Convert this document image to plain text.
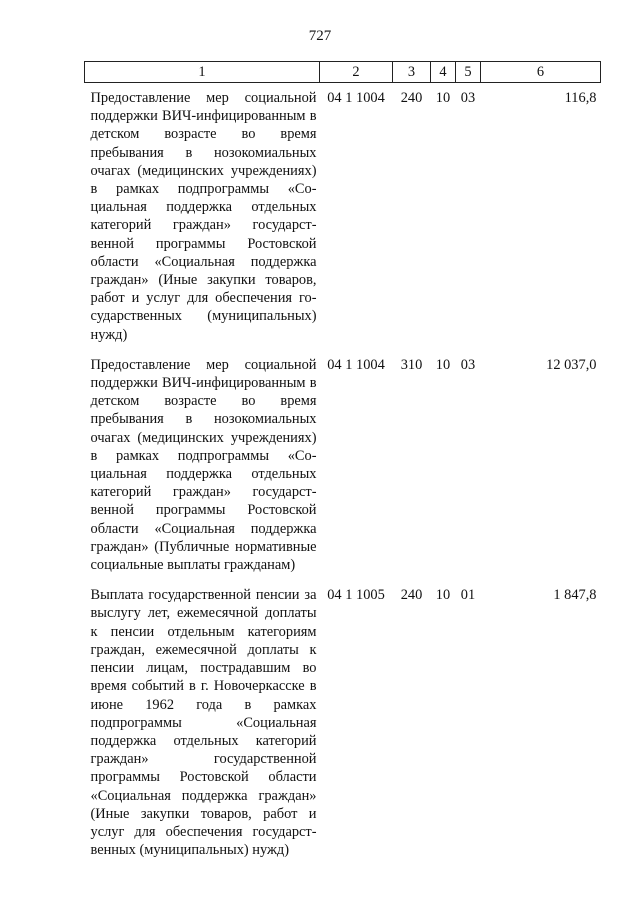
727
1	2	3	4	5	6
Предоставление мер социальной поддержки ВИЧ-инфицированным в детском возрасте во время пребывания в нозокомиальных очагах (медицинских учреждениях) в рамках подпрограммы «Социальная поддержка отдельных категорий граждан» государственной программы Ростовской области «Социальная поддержка граждан» (Иные закупки товаров, работ и услуг для обеспечения государственных (муниципальных) нужд)	04 1 1004	240	10	03	116,8
Предоставление мер социальной поддержки ВИЧ-инфицированным в детском возрасте во время пребывания в нозокомиальных очагах (медицинских учреждениях) в рамках подпрограммы «Социальная поддержка отдельных категорий граждан» государственной программы Ростовской области «Социальная поддержка граждан» (Публичные нормативные социальные выплаты гражданам)	04 1 1004	310	10	03	12 037,0
Выплата государственной пенсии за выслугу лет, ежемесячной доплаты к пенсии отдельным категориям граждан, ежемесячной доплаты к пенсии лицам, пострадавшим во время событий в г. Новочеркасске в июне 1962 года в рамках подпрограммы «Социальная поддержка отдельных категорий граждан» государственной программы Ростовской области «Социальная поддержка граждан» (Иные закупки товаров, работ и услуг для обеспечения государственных (муниципальных) нужд)	04 1 1005	240	10	01	1 847,8
